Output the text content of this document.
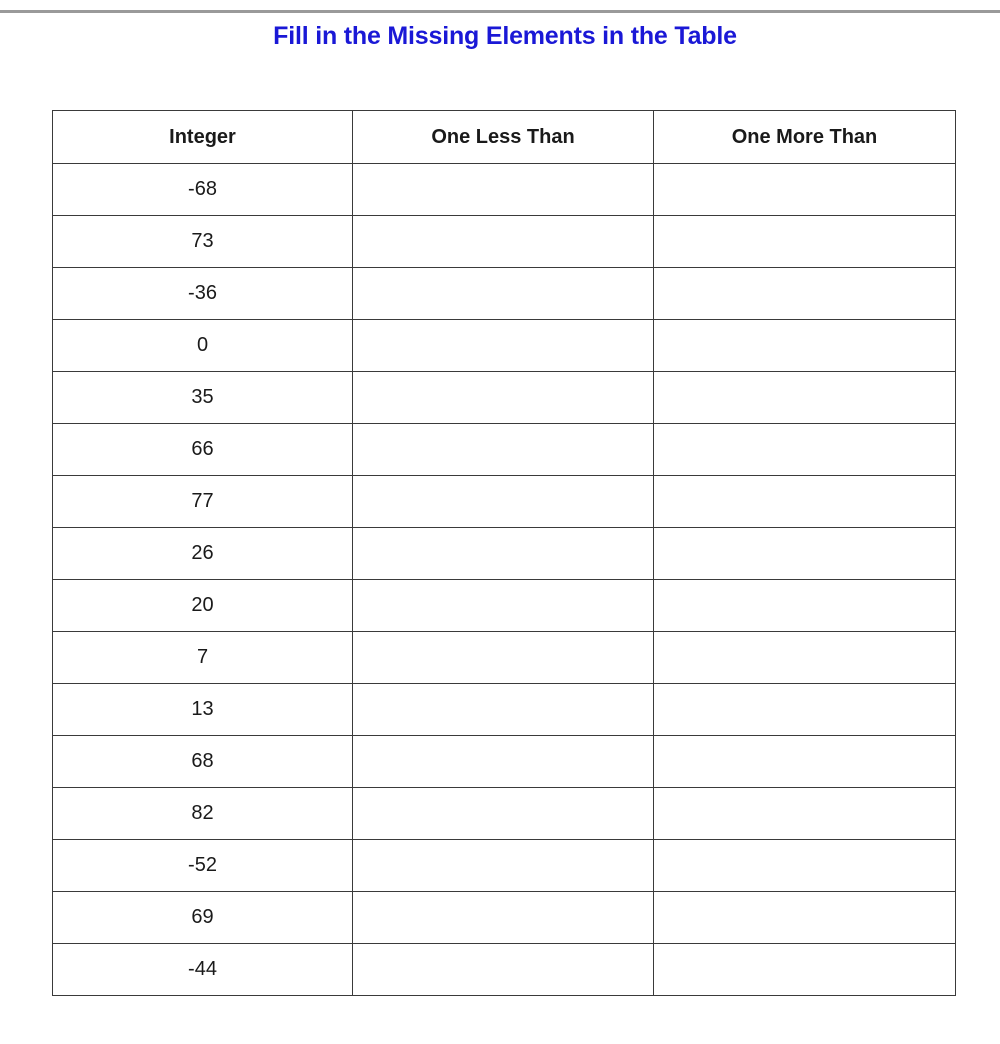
Fill in the Missing Elements in the Table
Integer	One Less Than	One More Than
-68		
73		
-36		
0		
35		
66		
77		
26		
20		
7		
13		
68		
82		
-52		
69		
-44		
